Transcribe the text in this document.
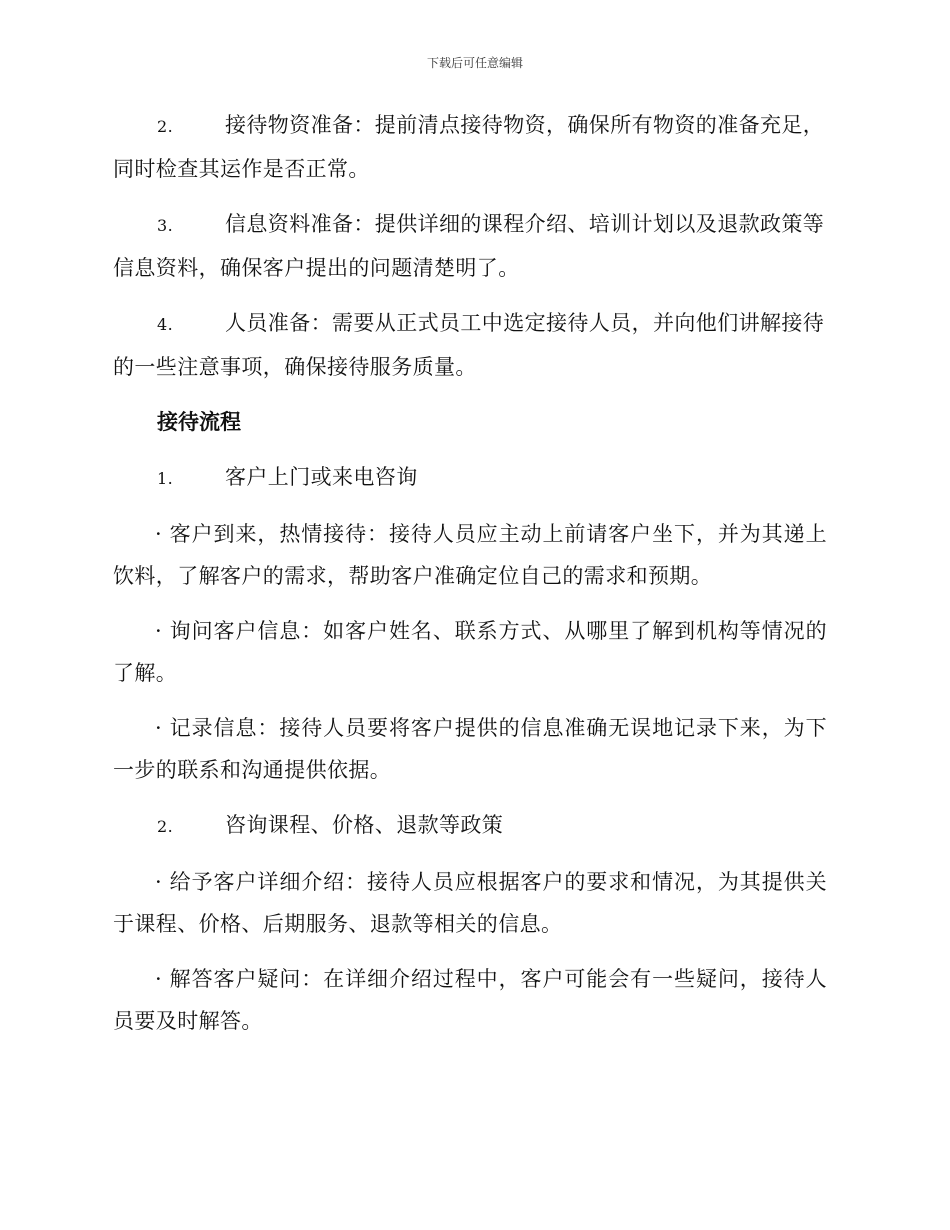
下载后可任意编辑
2. 接待物资准备：提前清点接待物资，确保所有物资的准备充足，
同时检查其运作是否正常。
3. 信息资料准备：提供详细的课程介绍、培训计划以及退款政策等
信息资料，确保客户提出的问题清楚明了。
4. 人员准备：需要从正式员工中选定接待人员，并向他们讲解接待
的一些注意事项，确保接待服务质量。
接待流程
1. 客户上门或来电咨询

· 客户到来，热情接待：接待人员应主动上前请客户坐下，并为其递上饮料，了解客户的需求，帮助客户准确定位自己的需求和预期。

· 询问客户信息：如客户姓名、联系方式、从哪里了解到机构等情况的了解。

· 记录信息：接待人员要将客户提供的信息准确无误地记录下来，为下一步的联系和沟通提供依据。

2. 咨询课程、价格、退款等政策

· 给予客户详细介绍：接待人员应根据客户的要求和情况，为其提供关于课程、价格、后期服务、退款等相关的信息。

· 解答客户疑问：在详细介绍过程中，客户可能会有一些疑问，接待人员要及时解答。
